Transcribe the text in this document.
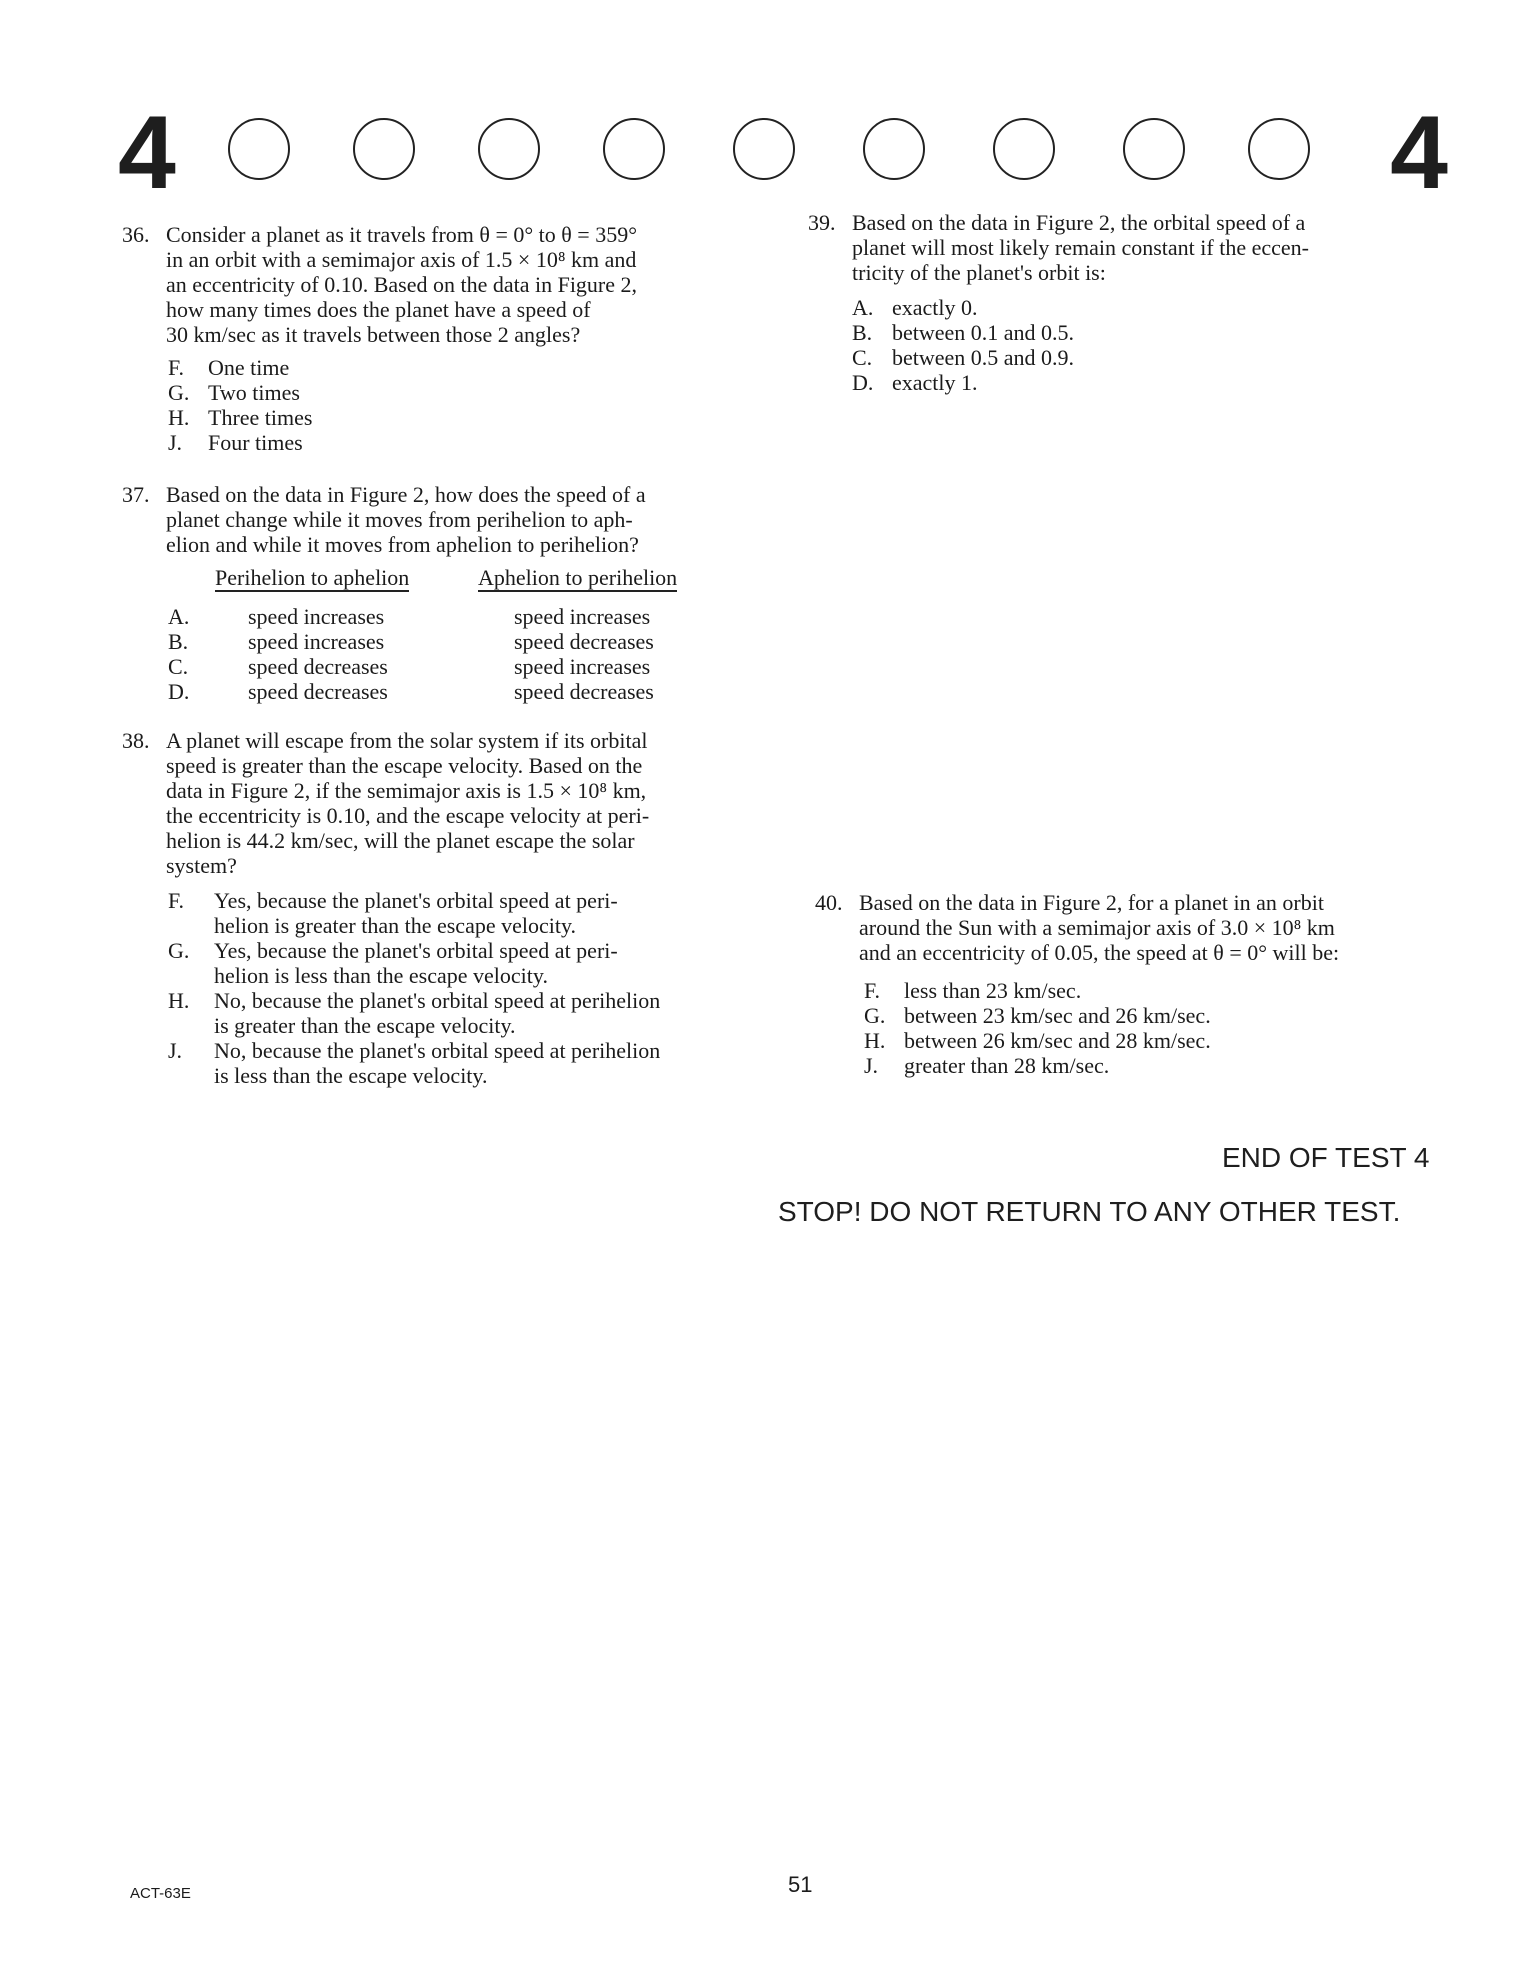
4	4
36. Consider a planet as it travels from θ = 0° to θ = 359°
in an orbit with a semimajor axis of 1.5 × 10⁸ km and
an eccentricity of 0.10. Based on the data in Figure 2,
how many times does the planet have a speed of
30 km/sec as it travels between those 2 angles?
F. One time
G. Two times
H. Three times
J. Four times
37. Based on the data in Figure 2, how does the speed of a
planet change while it moves from perihelion to aph-
elion and while it moves from aphelion to perihelion?
Perihelion to aphelion	Aphelion to perihelion
A.	speed increases	speed increases
B.	speed increases	speed decreases
C.	speed decreases	speed increases
D.	speed decreases	speed decreases
38. A planet will escape from the solar system if its orbital
speed is greater than the escape velocity. Based on the
data in Figure 2, if the semimajor axis is 1.5 × 10⁸ km,
the eccentricity is 0.10, and the escape velocity at peri-
helion is 44.2 km/sec, will the planet escape the solar
system?
F. Yes, because the planet's orbital speed at peri-
helion is greater than the escape velocity.
G. Yes, because the planet's orbital speed at peri-
helion is less than the escape velocity.
H. No, because the planet's orbital speed at perihelion
is greater than the escape velocity.
J. No, because the planet's orbital speed at perihelion
is less than the escape velocity.
39. Based on the data in Figure 2, the orbital speed of a
planet will most likely remain constant if the eccen-
tricity of the planet's orbit is:
A. exactly 0.
B. between 0.1 and 0.5.
C. between 0.5 and 0.9.
D. exactly 1.
40. Based on the data in Figure 2, for a planet in an orbit
around the Sun with a semimajor axis of 3.0 × 10⁸ km
and an eccentricity of 0.05, the speed at θ = 0° will be:
F. less than 23 km/sec.
G. between 23 km/sec and 26 km/sec.
H. between 26 km/sec and 28 km/sec.
J. greater than 28 km/sec.
END OF TEST 4
STOP! DO NOT RETURN TO ANY OTHER TEST.
ACT-63E	51
